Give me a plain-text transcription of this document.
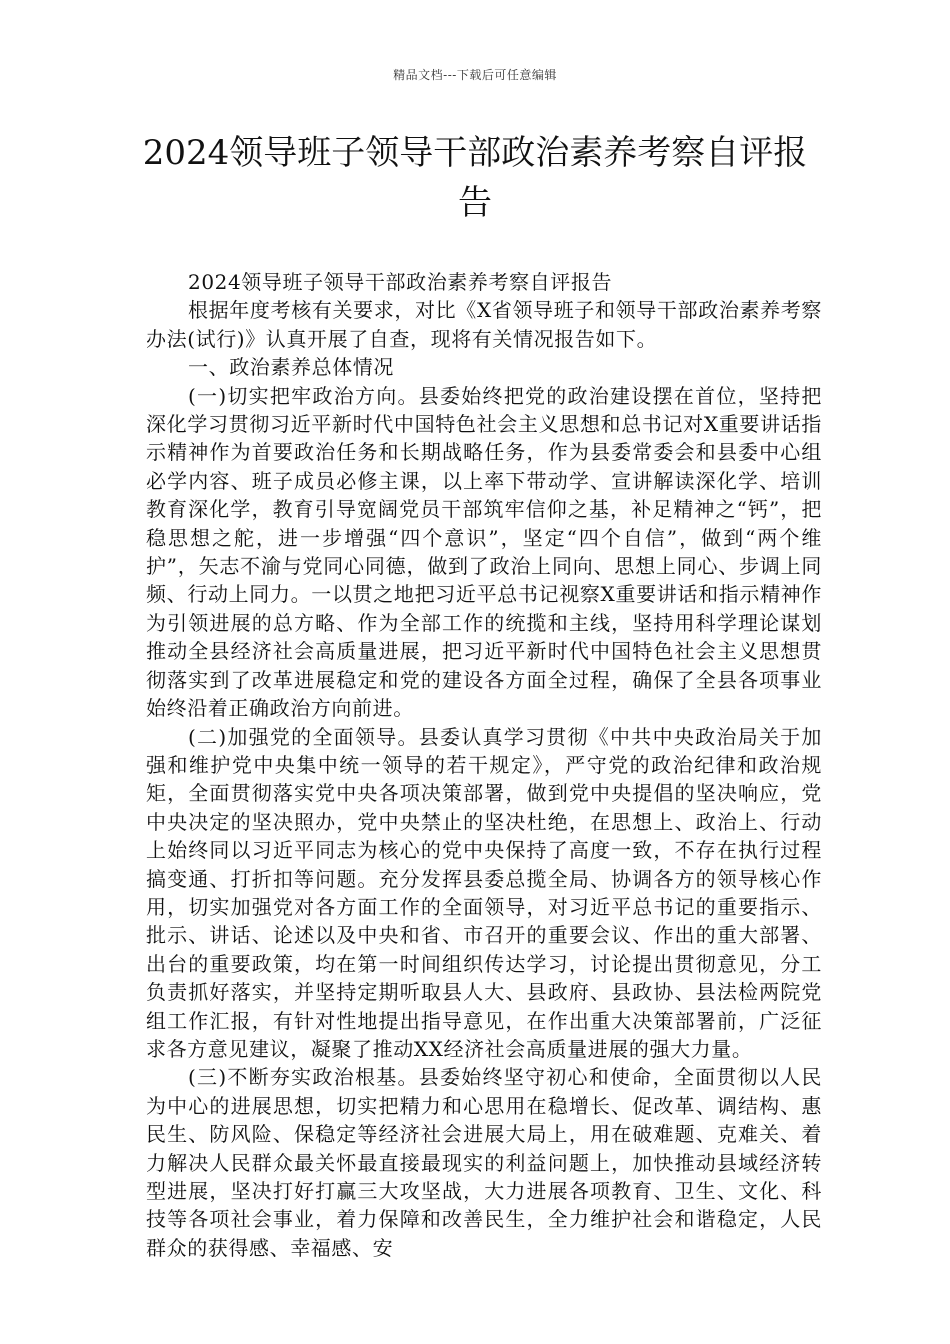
精品文档---下载后可任意编辑
2024领导班子领导干部政治素养考察自评报告

2024领导班子领导干部政治素养考察自评报告

根据年度考核有关要求，对比《X省领导班子和领导干部政治素养考察办法(试行)》认真开展了自查，现将有关情况报告如下。

一、政治素养总体情况

(一)切实把牢政治方向。县委始终把党的政治建设摆在首位，坚持把深化学习贯彻习近平新时代中国特色社会主义思想和总书记对X重要讲话指示精神作为首要政治任务和长期战略任务，作为县委常委会和县委中心组必学内容、班子成员必修主课，以上率下带动学、宣讲解读深化学、培训教育深化学，教育引导宽阔党员干部筑牢信仰之基，补足精神之“钙”，把稳思想之舵，进一步增强“四个意识”，坚定“四个自信”，做到“两个维护”，矢志不渝与党同心同德，做到了政治上同向、思想上同心、步调上同频、行动上同力。一以贯之地把习近平总书记视察X重要讲话和指示精神作为引领进展的总方略、作为全部工作的统揽和主线，坚持用科学理论谋划推动全县经济社会高质量进展，把习近平新时代中国特色社会主义思想贯彻落实到了改革进展稳定和党的建设各方面全过程，确保了全县各项事业始终沿着正确政治方向前进。

(二)加强党的全面领导。县委认真学习贯彻《中共中央政治局关于加强和维护党中央集中统一领导的若干规定》，严守党的政治纪律和政治规矩，全面贯彻落实党中央各项决策部署，做到党中央提倡的坚决响应，党中央决定的坚决照办，党中央禁止的坚决杜绝，在思想上、政治上、行动上始终同以习近平同志为核心的党中央保持了高度一致，不存在执行过程搞变通、打折扣等问题。充分发挥县委总揽全局、协调各方的领导核心作用，切实加强党对各方面工作的全面领导，对习近平总书记的重要指示、批示、讲话、论述以及中央和省、市召开的重要会议、作出的重大部署、出台的重要政策，均在第一时间组织传达学习，讨论提出贯彻意见，分工负责抓好落实，并坚持定期听取县人大、县政府、县政协、县法检两院党组工作汇报，有针对性地提出指导意见，在作出重大决策部署前，广泛征求各方意见建议，凝聚了推动XX经济社会高质量进展的强大力量。

(三)不断夯实政治根基。县委始终坚守初心和使命，全面贯彻以人民为中心的进展思想，切实把精力和心思用在稳增长、促改革、调结构、惠民生、防风险、保稳定等经济社会进展大局上，用在破难题、克难关、着力解决人民群众最关怀最直接最现实的利益问题上，加快推动县域经济转型进展，坚决打好打赢三大攻坚战，大力进展各项教育、卫生、文化、科技等各项社会事业，着力保障和改善民生，全力维护社会和谐稳定，人民群众的获得感、幸福感、安
